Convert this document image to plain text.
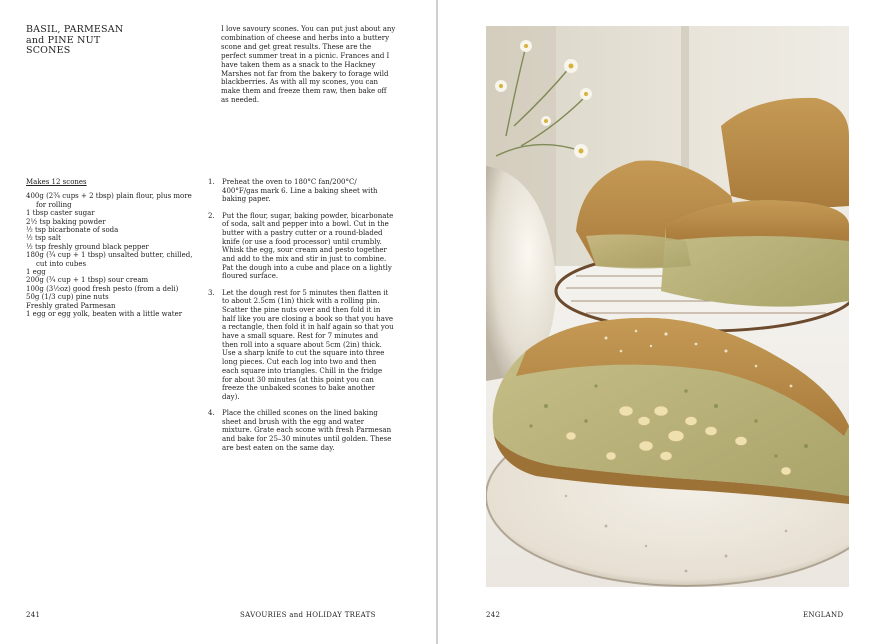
BASIL, PARMESAN
and PINE NUT
SCONES

I love savoury scones. You can put just about any combination of cheese and herbs into a buttery scone and get great results. These are the perfect summer treat in a picnic. Frances and I have taken them as a snack to the Hackney Marshes not far from the bakery to forage wild blackberries. As with all my scones, you can make them and freeze them raw, then bake off as needed.

Makes 12 scones

400g (2¾ cups + 2 tbsp) plain flour, plus more for rolling
1 tbsp caster sugar
2½ tsp baking powder
½ tsp bicarbonate of soda
½ tsp salt
½ tsp freshly ground black pepper
180g (¾ cup + 1 tbsp) unsalted butter, chilled, cut into cubes
1 egg
200g (¾ cup + 1 tbsp) sour cream
100g (3½oz) good fresh pesto (from a deli)
50g (1/3 cup) pine nuts
Freshly grated Parmesan
1 egg or egg yolk, beaten with a little water
1. Preheat the oven to 180°C fan/200°C/ 400°F/gas mark 6. Line a baking sheet with baking paper.
2. Put the flour, sugar, baking powder, bicarbonate of soda, salt and pepper into a bowl. Cut in the butter with a pastry cutter or a round-bladed knife (or use a food processor) until crumbly. Whisk the egg, sour cream and pesto together and add to the mix and stir in just to combine. Pat the dough into a cube and place on a lightly floured surface.
3. Let the dough rest for 5 minutes then flatten it to about 2.5cm (1in) thick with a rolling pin. Scatter the pine nuts over and then fold it in half like you are closing a book so that you have a rectangle, then fold it in half again so that you have a small square. Rest for 7 minutes and then roll into a square about 5cm (2in) thick. Use a sharp knife to cut the square into three long pieces. Cut each log into two and then each square into triangles. Chill in the fridge for about 30 minutes (at this point you can freeze the unbaked scones to bake another day).
4. Place the chilled scones on the lined baking sheet and brush with the egg and water mixture. Grate each scone with fresh Parmesan and bake for 25–30 minutes until golden. These are best eaten on the same day.
241	SAVOURIES and HOLIDAY TREATS	242	ENGLAND
